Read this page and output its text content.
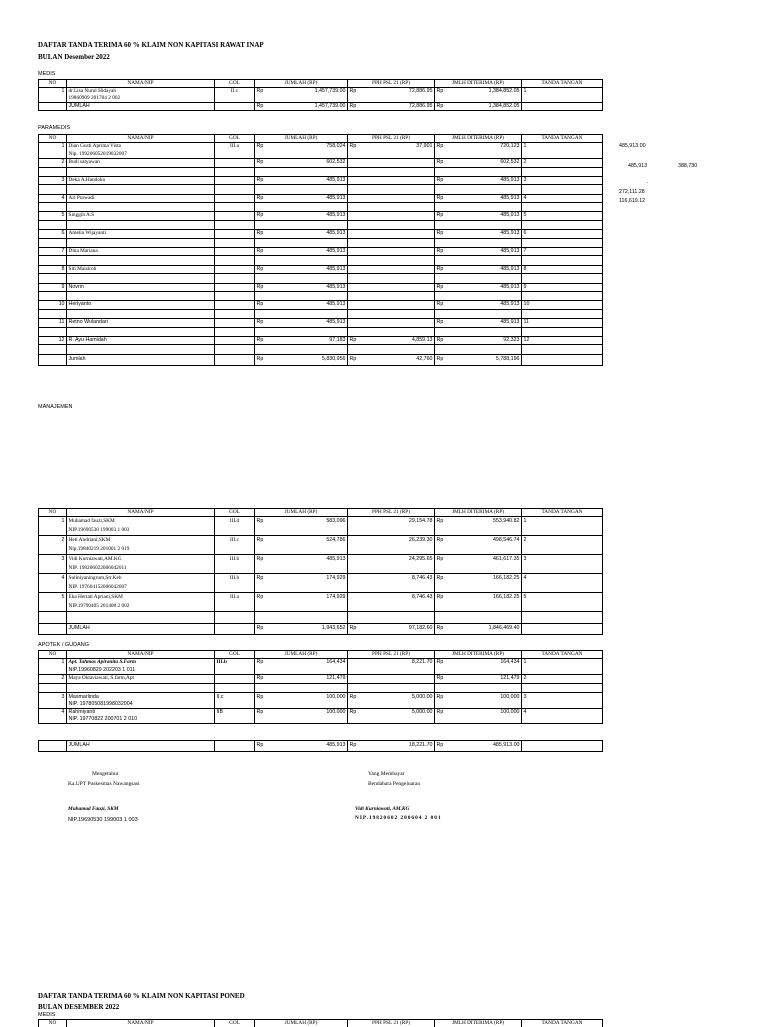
DAFTAR TANDA TERIMA 60 % KLAIM NON KAPITASI RAWAT INAP
BULAN Desember 2022
MEDIS
NO	NAMA/NIP	GOL	JUMLAH (RP)	PPH PSL 21 (RP)	JMLH DITERIMA (RP)	TANDA TANGAN
1	dr.Lisa Nurul Hidayah	II.c	Rp 1,457,739.00	Rp 72,886.95	Rp 1,384,852.05	1
	19860909 201704 2 002					
	JUMLAH		Rp 1,457,739.00	Rp 72,886.95	Rp 1,384,852.05	

PARAMEDIS
NO	NAMA/NIP	GOL	JUMLAH (RP)	PPH PSL 21 (RP)	JMLH DITERIMA (RP)	TANDA TANGAN
1	Dian Gusti Aprima Vista	III.a	Rp 758,024	Rp 37,901	Rp 720,123	1
	Nip. 199206052019032007					
2	Budi satyawan		Rp 602,532		Rp 602,532	2

3	Deka A.Handoko		Rp 485,913		Rp 485,913	3

4	Ari Purwadi		Rp 485,913		Rp 485,913	4

5	Singgih A.S		Rp 485,913		Rp 485,913	5

6	Amelia Wijayanti		Rp 485,913		Rp 485,913	6

7	Dina Mariana		Rp 485,913		Rp 485,913	7

8	Siti Maisiroh		Rp 485,913		Rp 485,913	8

9	Novrin		Rp 485,913		Rp 485,913	9

10	Heriyanto		Rp 485,913		Rp 485,913	10

11	Retno Wulandari		Rp 485,913		Rp 485,913	11

12	R. Ayu Hamidah		Rp 97,183	Rp 4,859.13	Rp 92,323	12

	Jumlah		Rp 5,830,956	Rp 42,760	Rp 5,788,196	

485,913.00
485,913	388,730
.
272,111.28
116,619.12
MANAJEMEN
NO	NAMA/NIP	GOL	JUMLAH (RP)	PPH PSL 21 (RP)	JMLH DITERIMA (RP)	TANDA TANGAN
1	Muhamad fauzi,SKM	III.d	Rp 583,096	29,154.78	Rp 553,940.82	1
	NIP.19690530 199003 1 003					
2	Heti Andriani,SKM	III.c	Rp 524,786	26,239.30	Rp 498,546.74	2
	Nip.19840219 201001 2 019					
3	Vidi Kurniawati,AM.KG	III.b	Rp 485,913	24,295.65	Rp 461,617.35	3
	NIP. 198206022006042011					
4	Suliniyaningrum,Str.Keb	III.b	Rp 174,929	8,746.43	Rp 166,182.25	4
	NIP. 197604152006042007					
5	Eka Hertati Apriani,SKM	III.a	Rp 174,929	8,746.43	Rp 166,182.25	5
	NIP.19790405 201408 2 002					

	JUMLAH		Rp 1,943,652	Rp 97,182.60	Rp 1,846,469.40	

APOTEK / GUDANG
NO	NAMA/NIP	GOL	JUMLAH (RP)	PPH PSL 21 (RP)	JMLH DITERIMA (RP)	TANDA TANGAN
1	Apt. Tahmas Apiranita S.Farm	III.b	Rp 164,434	8,221.70	Rp 164,434	1
	NIP.19960829 202203 1 011					
2	Maya Oktaviawati, S.farm,Apt		Rp 121,479		Rp 121,479	2

3	Masmarlinda	II.c	Rp 100,000	Rp 5,000.00	Rp 100,000	3
	NIP. 197805081998032004					
4	Rahmiyanti	IIB	Rp 100,000	Rp 5,000.00	Rp 100,000	4
	NIP. 19770822 200701 2 010					
	JUMLAH		Rp	485,913	Rp	18,221.70	Rp	485,913.00

Mengetahui
Ka.UPT Puskesmas Nawangsasi
Muhamad Fauzi, SKM
NIP.19690530 199003 1 003
Yang Membayar
Bendahara Pengeluaran
Vidi Kurniawati, AM.KG
NIP.19820602 200604 2 001
DAFTAR TANDA TERIMA 60 % KLAIM NON KAPITASI PONED
BULAN DESEMBER 2022
MEDIS
NO	NAMA/NIP	GOL	JUMLAH (RP)	PPH PSL 21 (RP)	JMLH DITERIMA (RP)	TANDA TANGAN
